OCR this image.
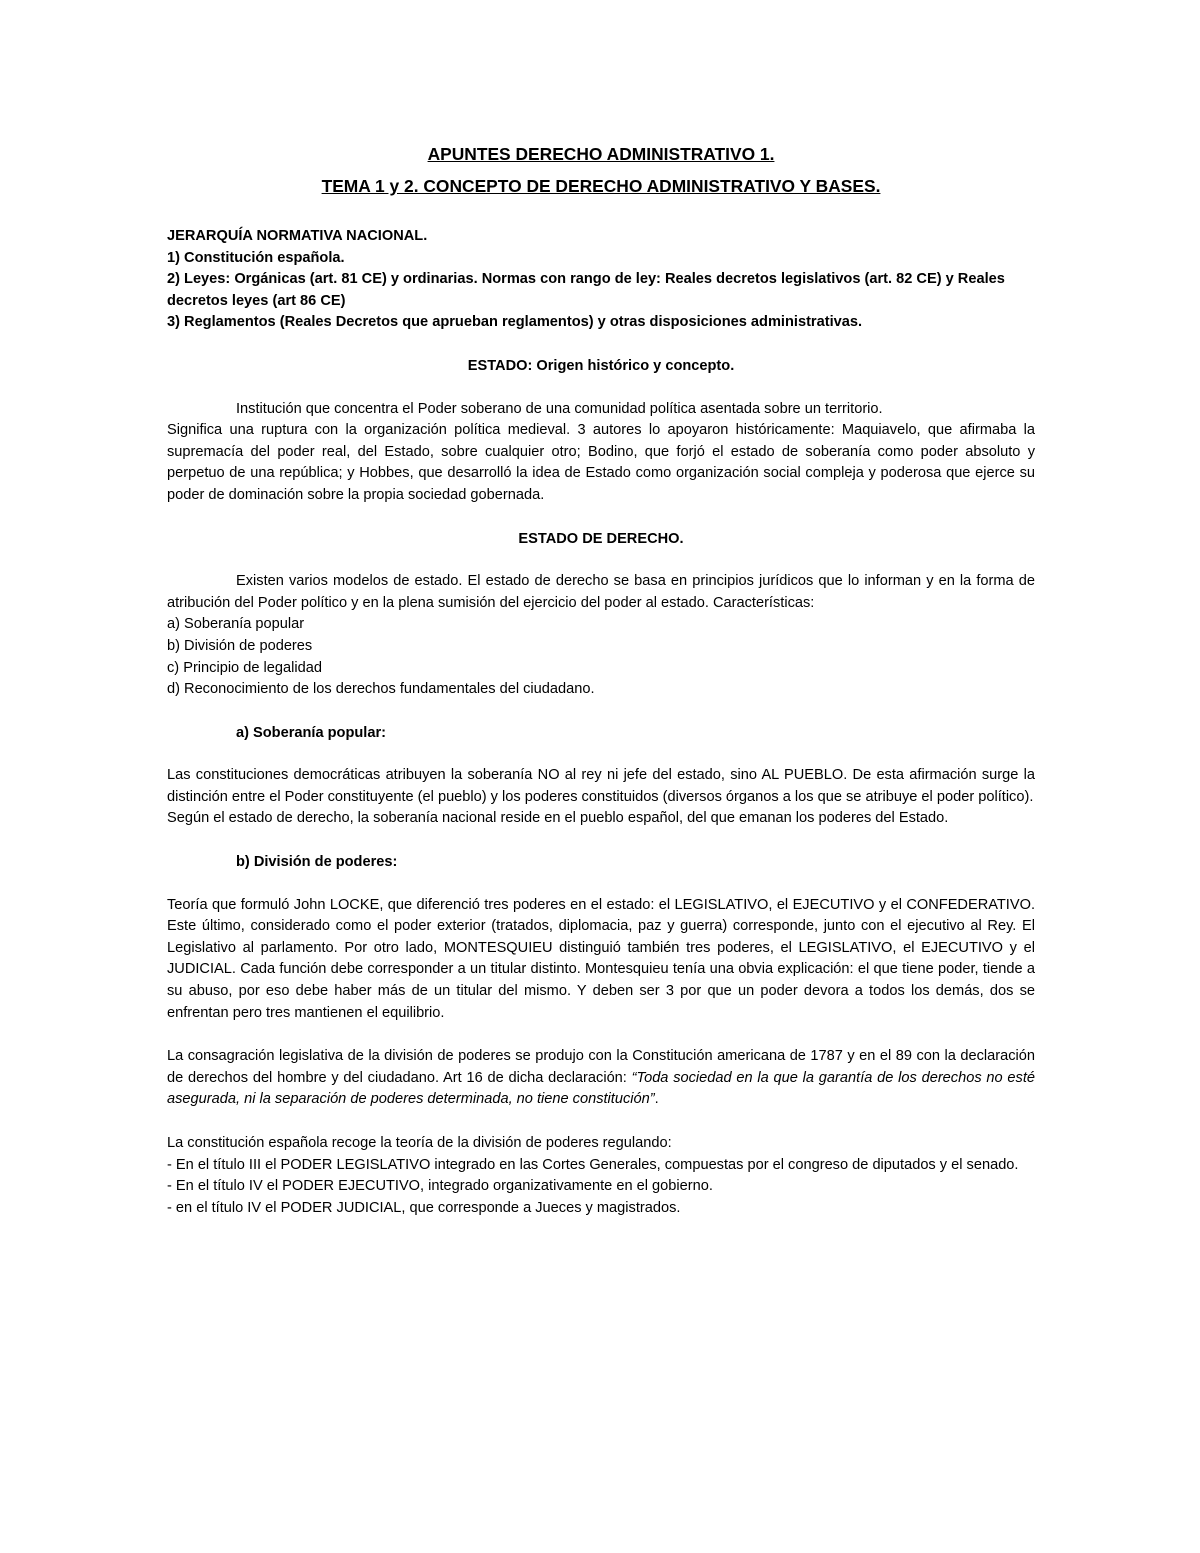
APUNTES DERECHO ADMINISTRATIVO 1.
TEMA 1 y 2. CONCEPTO DE DERECHO ADMINISTRATIVO Y BASES.

JERARQUÍA NORMATIVA NACIONAL.

1) Constitución española.

2) Leyes: Orgánicas (art. 81 CE) y ordinarias. Normas con rango de ley: Reales decretos legislativos (art. 82 CE) y Reales decretos leyes (art 86 CE)

3) Reglamentos (Reales Decretos que aprueban reglamentos) y otras disposiciones administrativas.

ESTADO: Origen histórico y concepto.

Institución que concentra el Poder soberano de una comunidad política asentada sobre un territorio.

Significa una ruptura con la organización política medieval. 3 autores lo apoyaron históricamente: Maquiavelo, que afirmaba la supremacía del poder real, del Estado, sobre cualquier otro; Bodino, que forjó el estado de soberanía como poder absoluto y perpetuo de una república; y Hobbes, que desarrolló la idea de Estado como organización social compleja y poderosa que ejerce su poder de dominación sobre la propia sociedad gobernada.

ESTADO DE DERECHO.

Existen varios modelos de estado. El estado de derecho se basa en principios jurídicos que lo informan y en la forma de atribución del Poder político y en la plena sumisión del ejercicio del poder al estado. Características:

a) Soberanía popular

b) División de poderes

c) Principio de legalidad

d) Reconocimiento de los derechos fundamentales del ciudadano.

a) Soberanía popular:

Las constituciones democráticas atribuyen la soberanía NO al rey ni jefe del estado, sino AL PUEBLO. De esta afirmación surge la distinción entre el Poder constituyente (el pueblo) y los poderes constituidos (diversos órganos a los que se atribuye el poder político).

Según el estado de derecho, la soberanía nacional reside en el pueblo español, del que emanan los poderes del Estado.

b) División de poderes:

Teoría que formuló John LOCKE, que diferenció tres poderes en el estado: el LEGISLATIVO, el EJECUTIVO y el CONFEDERATIVO. Este último, considerado como el poder exterior (tratados, diplomacia, paz y guerra) corresponde, junto con el ejecutivo al Rey. El Legislativo al parlamento. Por otro lado, MONTESQUIEU distinguió también tres poderes, el LEGISLATIVO, el EJECUTIVO y el JUDICIAL. Cada función debe corresponder a un titular distinto. Montesquieu tenía una obvia explicación: el que tiene poder, tiende a su abuso, por eso debe haber más de un titular del mismo. Y deben ser 3 por que un poder devora a todos los demás, dos se enfrentan pero tres mantienen el equilibrio.

La consagración legislativa de la división de poderes se produjo con la Constitución americana de 1787 y en el 89 con la declaración de derechos del hombre y del ciudadano. Art 16 de dicha declaración: “Toda sociedad en la que la garantía de los derechos no esté asegurada, ni la separación de poderes determinada, no tiene constitución”.

La constitución española recoge la teoría de la división de poderes regulando:

- En el título III el PODER LEGISLATIVO integrado en las Cortes Generales, compuestas por el congreso de diputados y el senado.

- En el título IV el PODER EJECUTIVO, integrado organizativamente en el gobierno.

- en el título IV el PODER JUDICIAL, que corresponde a Jueces y magistrados.
